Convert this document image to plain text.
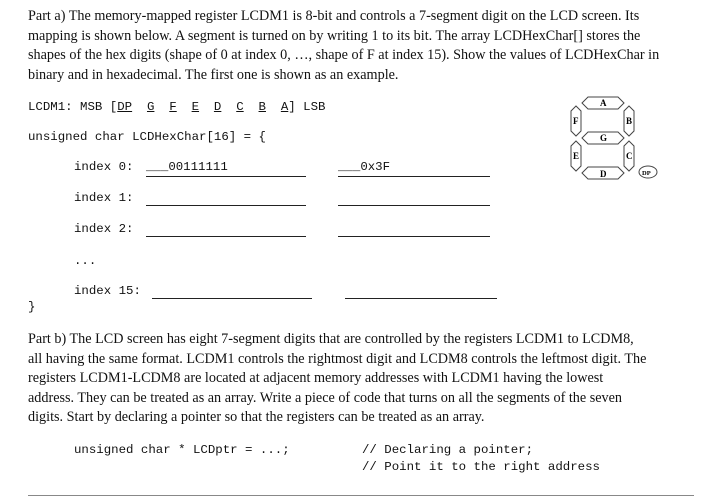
Part a) The memory-mapped register LCDM1 is 8-bit and controls a 7-segment digit on the LCD screen. Its mapping is shown below. A segment is turned on by writing 1 to its bit. The array LCDHexChar[] stores the shapes of the hex digits (shape of 0 at index 0, …, shape of F at index 15). Show the values of LCDHexChar in binary and in hexadecimal. The first one is shown as an example.
LCDM1: MSB [DP G F E D C B A] LSB
unsigned char LCDHexChar[16] = {
index 0: ___00111111	___0x3F
index 1:
index 2:
...
index 15:
}
A
B
C
D
E
F
G
DP
Part b) The LCD screen has eight 7-segment digits that are controlled by the registers LCDM1 to LCDM8, all having the same format. LCDM1 controls the rightmost digit and LCDM8 controls the leftmost digit. The registers LCDM1-LCDM8 are located at adjacent memory addresses with LCDM1 having the lowest address. They can be treated as an array. Write a piece of code that turns on all the segments of the seven digits. Start by declaring a pointer so that the registers can be treated as an array.
unsigned char * LCDptr = ...;	// Declaring a pointer;
// Point it to the right address
